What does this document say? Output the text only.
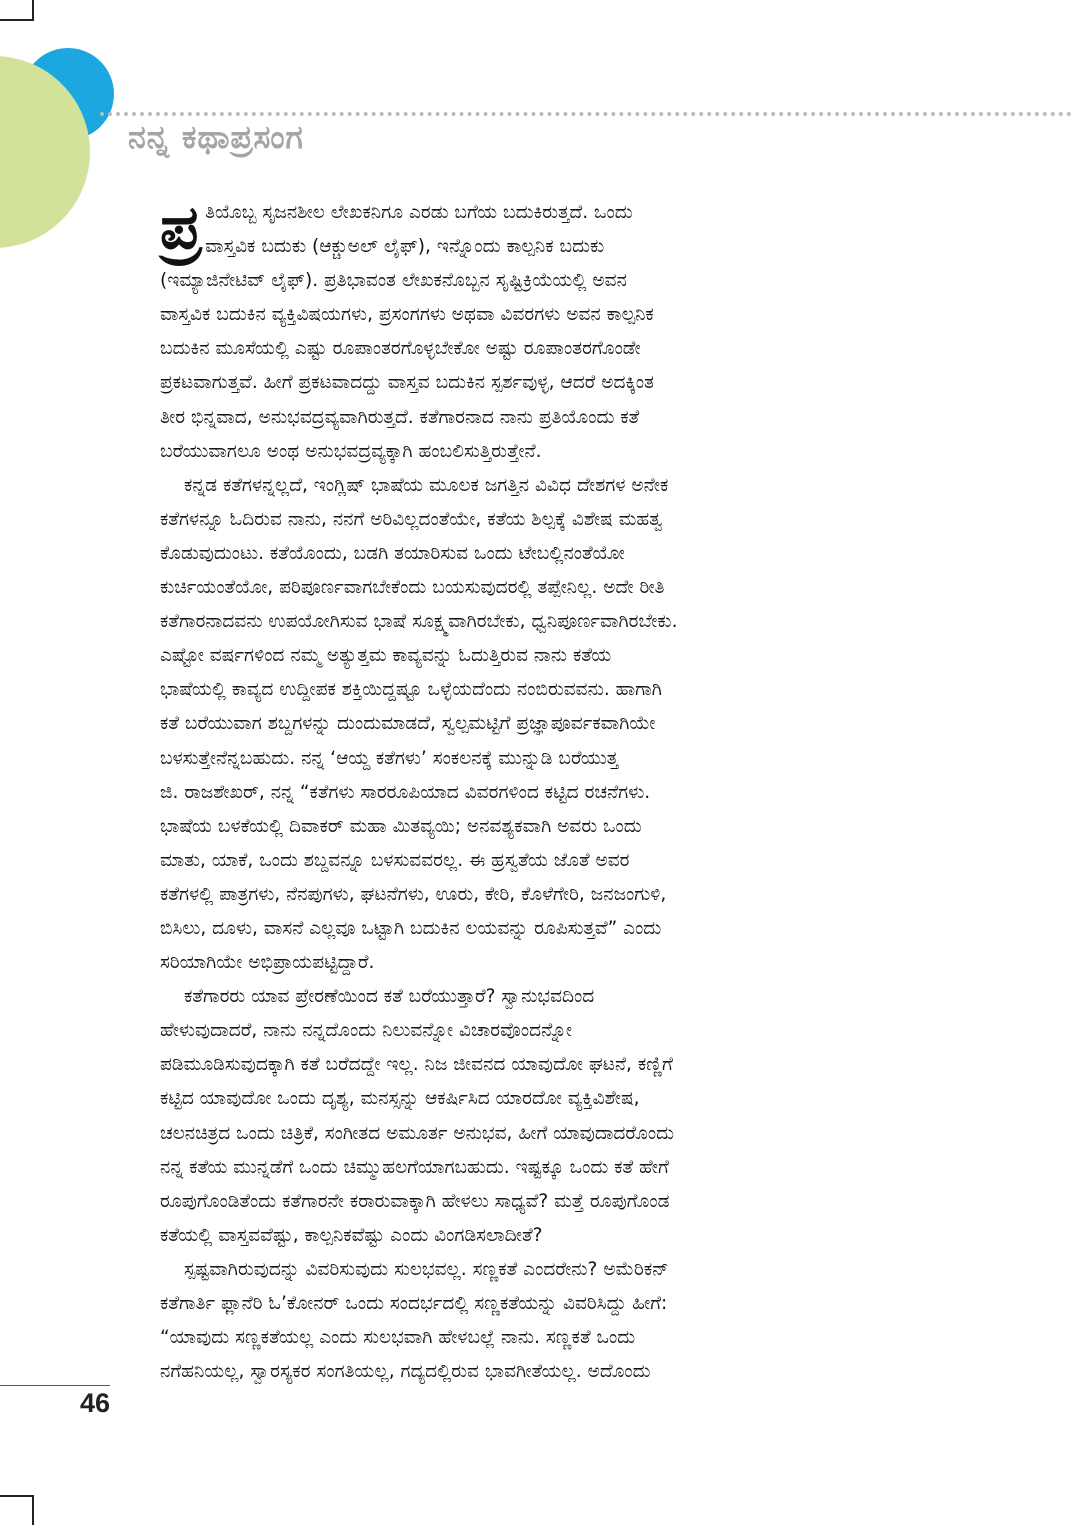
ನನ್ನ ಕಥಾಪ್ರಸಂಗ
ಪ್ರ ತಿಯೊಬ್ಬ ಸೃಜನಶೀಲ ಲೇಖಕನಿಗೂ ಎರಡು ಬಗೆಯ ಬದುಕಿರುತ್ತದೆ. ಒಂದು
ವಾಸ್ತವಿಕ ಬದುಕು (ಆಕ್ಚುಅಲ್ ಲೈಫ್), ಇನ್ನೊಂದು ಕಾಲ್ಪನಿಕ ಬದುಕು
(ಇಮ್ಯಾಜಿನೇಟಿವ್ ಲೈಫ್). ಪ್ರತಿಭಾವಂತ ಲೇಖಕನೊಬ್ಬನ ಸೃಷ್ಟಿಕ್ರಿಯೆಯಲ್ಲಿ ಅವನ
ವಾಸ್ತವಿಕ ಬದುಕಿನ ವ್ಯಕ್ತಿವಿಷಯಗಳು, ಪ್ರಸಂಗಗಳು ಅಥವಾ ವಿವರಗಳು ಅವನ ಕಾಲ್ಪನಿಕ
ಬದುಕಿನ ಮೂಸೆಯಲ್ಲಿ ಎಷ್ಟು ರೂಪಾಂತರಗೊಳ್ಳಬೇಕೋ ಅಷ್ಟು ರೂಪಾಂತರಗೊಂಡೇ
ಪ್ರಕಟವಾಗುತ್ತವೆ. ಹೀಗೆ ಪ್ರಕಟವಾದದ್ದು ವಾಸ್ತವ ಬದುಕಿನ ಸ್ಪರ್ಶವುಳ್ಳ, ಆದರೆ ಅದಕ್ಕಿಂತ
ತೀರ ಭಿನ್ನವಾದ, ಅನುಭವದ್ರವ್ಯವಾಗಿರುತ್ತದೆ. ಕತೆಗಾರನಾದ ನಾನು ಪ್ರತಿಯೊಂದು ಕತೆ
ಬರೆಯುವಾಗಲೂ ಅಂಥ ಅನುಭವದ್ರವ್ಯಕ್ಕಾಗಿ ಹಂಬಲಿಸುತ್ತಿರುತ್ತೇನೆ.
ಕನ್ನಡ ಕತೆಗಳನ್ನಲ್ಲದೆ, ಇಂಗ್ಲಿಷ್ ಭಾಷೆಯ ಮೂಲಕ ಜಗತ್ತಿನ ವಿವಿಧ ದೇಶಗಳ ಅನೇಕ
ಕತೆಗಳನ್ನೂ ಓದಿರುವ ನಾನು, ನನಗೆ ಅರಿವಿಲ್ಲದಂತೆಯೇ, ಕತೆಯ ಶಿಲ್ಪಕ್ಕೆ ವಿಶೇಷ ಮಹತ್ವ
ಕೊಡುವುದುಂಟು. ಕತೆಯೊಂದು, ಬಡಗಿ ತಯಾರಿಸುವ ಒಂದು ಟೇಬಲ್ಲಿನಂತೆಯೋ
ಕುರ್ಚಿಯಂತೆಯೋ, ಪರಿಪೂರ್ಣವಾಗಬೇಕೆಂದು ಬಯಸುವುದರಲ್ಲಿ ತಪ್ಪೇನಿಲ್ಲ. ಅದೇ ರೀತಿ
ಕತೆಗಾರನಾದವನು ಉಪಯೋಗಿಸುವ ಭಾಷೆ ಸೂಕ್ಷ್ಮವಾಗಿರಬೇಕು, ಧ್ವನಿಪೂರ್ಣವಾಗಿರಬೇಕು.
ಎಷ್ಟೋ ವರ್ಷಗಳಿಂದ ನಮ್ಮ ಅತ್ಯುತ್ತಮ ಕಾವ್ಯವನ್ನು ಓದುತ್ತಿರುವ ನಾನು ಕತೆಯ
ಭಾಷೆಯಲ್ಲಿ ಕಾವ್ಯದ ಉದ್ದೀಪಕ ಶಕ್ತಿಯಿದ್ದಷ್ಟೂ ಒಳ್ಳೆಯದೆಂದು ನಂಬಿರುವವನು. ಹಾಗಾಗಿ
ಕತೆ ಬರೆಯುವಾಗ ಶಬ್ದಗಳನ್ನು ದುಂದುಮಾಡದೆ, ಸ್ವಲ್ಪಮಟ್ಟಿಗೆ ಪ್ರಜ್ಞಾಪೂರ್ವಕವಾಗಿಯೇ
ಬಳಸುತ್ತೇನೆನ್ನಬಹುದು. ನನ್ನ ‘ಆಯ್ದ ಕತೆಗಳು’ ಸಂಕಲನಕ್ಕೆ ಮುನ್ನುಡಿ ಬರೆಯುತ್ತ
ಜಿ. ರಾಜಶೇಖರ್, ನನ್ನ “ಕತೆಗಳು ಸಾರರೂಪಿಯಾದ ವಿವರಗಳಿಂದ ಕಟ್ಟಿದ ರಚನೆಗಳು.
ಭಾಷೆಯ ಬಳಕೆಯಲ್ಲಿ ದಿವಾಕರ್ ಮಹಾ ಮಿತವ್ಯಯಿ; ಅನವಶ್ಯಕವಾಗಿ ಅವರು ಒಂದು
ಮಾತು, ಯಾಕೆ, ಒಂದು ಶಬ್ದವನ್ನೂ ಬಳಸುವವರಲ್ಲ. ಈ ಹ್ರಸ್ವತೆಯ ಜೊತೆ ಅವರ
ಕತೆಗಳಲ್ಲಿ ಪಾತ್ರಗಳು, ನೆನಪುಗಳು, ಘಟನೆಗಳು, ಊರು, ಕೇರಿ, ಕೊಳೆಗೇರಿ, ಜನಜಂಗುಳಿ,
ಬಿಸಿಲು, ದೂಳು, ವಾಸನೆ ಎಲ್ಲವೂ ಒಟ್ಟಾಗಿ ಬದುಕಿನ ಲಯವನ್ನು ರೂಪಿಸುತ್ತವೆ” ಎಂದು
ಸರಿಯಾಗಿಯೇ ಅಭಿಪ್ರಾಯಪಟ್ಟಿದ್ದಾರೆ.
ಕತೆಗಾರರು ಯಾವ ಪ್ರೇರಣೆಯಿಂದ ಕತೆ ಬರೆಯುತ್ತಾರೆ? ಸ್ವಾನುಭವದಿಂದ
ಹೇಳುವುದಾದರೆ, ನಾನು ನನ್ನದೊಂದು ನಿಲುವನ್ನೋ ವಿಚಾರವೊಂದನ್ನೋ
ಪಡಿಮೂಡಿಸುವುದಕ್ಕಾಗಿ ಕತೆ ಬರೆದದ್ದೇ ಇಲ್ಲ. ನಿಜ ಜೀವನದ ಯಾವುದೋ ಘಟನೆ, ಕಣ್ಣಿಗೆ
ಕಟ್ಟಿದ ಯಾವುದೋ ಒಂದು ದೃಶ್ಯ, ಮನಸ್ಸನ್ನು ಆಕರ್ಷಿಸಿದ ಯಾರದೋ ವ್ಯಕ್ತಿವಿಶೇಷ,
ಚಲನಚಿತ್ರದ ಒಂದು ಚಿತ್ರಿಕೆ, ಸಂಗೀತದ ಅಮೂರ್ತ ಅನುಭವ, ಹೀಗೆ ಯಾವುದಾದರೊಂದು
ನನ್ನ ಕತೆಯ ಮುನ್ನಡೆಗೆ ಒಂದು ಚಿಮ್ಮುಹಲಗೆಯಾಗಬಹುದು. ಇಷ್ಟಕ್ಕೂ ಒಂದು ಕತೆ ಹೇಗೆ
ರೂಪುಗೊಂಡಿತೆಂದು ಕತೆಗಾರನೇ ಕರಾರುವಾಕ್ಕಾಗಿ ಹೇಳಲು ಸಾಧ್ಯವೆ? ಮತ್ತೆ ರೂಪುಗೊಂಡ
ಕತೆಯಲ್ಲಿ ವಾಸ್ತವವೆಷ್ಟು, ಕಾಲ್ಪನಿಕವೆಷ್ಟು ಎಂದು ವಿಂಗಡಿಸಲಾದೀತೆ?
ಸ್ಪಷ್ಟವಾಗಿರುವುದನ್ನು ವಿವರಿಸುವುದು ಸುಲಭವಲ್ಲ. ಸಣ್ಣಕತೆ ಎಂದರೇನು? ಅಮೆರಿಕನ್
ಕತೆಗಾರ್ತಿ ಫ್ಲಾನೆರಿ ಓ’ಕೋನರ್ ಒಂದು ಸಂದರ್ಭದಲ್ಲಿ ಸಣ್ಣಕತೆಯನ್ನು ವಿವರಿಸಿದ್ದು ಹೀಗೆ:
“ಯಾವುದು ಸಣ್ಣಕತೆಯಲ್ಲ ಎಂದು ಸುಲಭವಾಗಿ ಹೇಳಬಲ್ಲೆ ನಾನು. ಸಣ್ಣಕತೆ ಒಂದು
ನಗೆಹನಿಯಲ್ಲ, ಸ್ವಾರಸ್ಯಕರ ಸಂಗತಿಯಲ್ಲ, ಗದ್ಯದಲ್ಲಿರುವ ಭಾವಗೀತೆಯಲ್ಲ. ಅದೊಂದು
46
